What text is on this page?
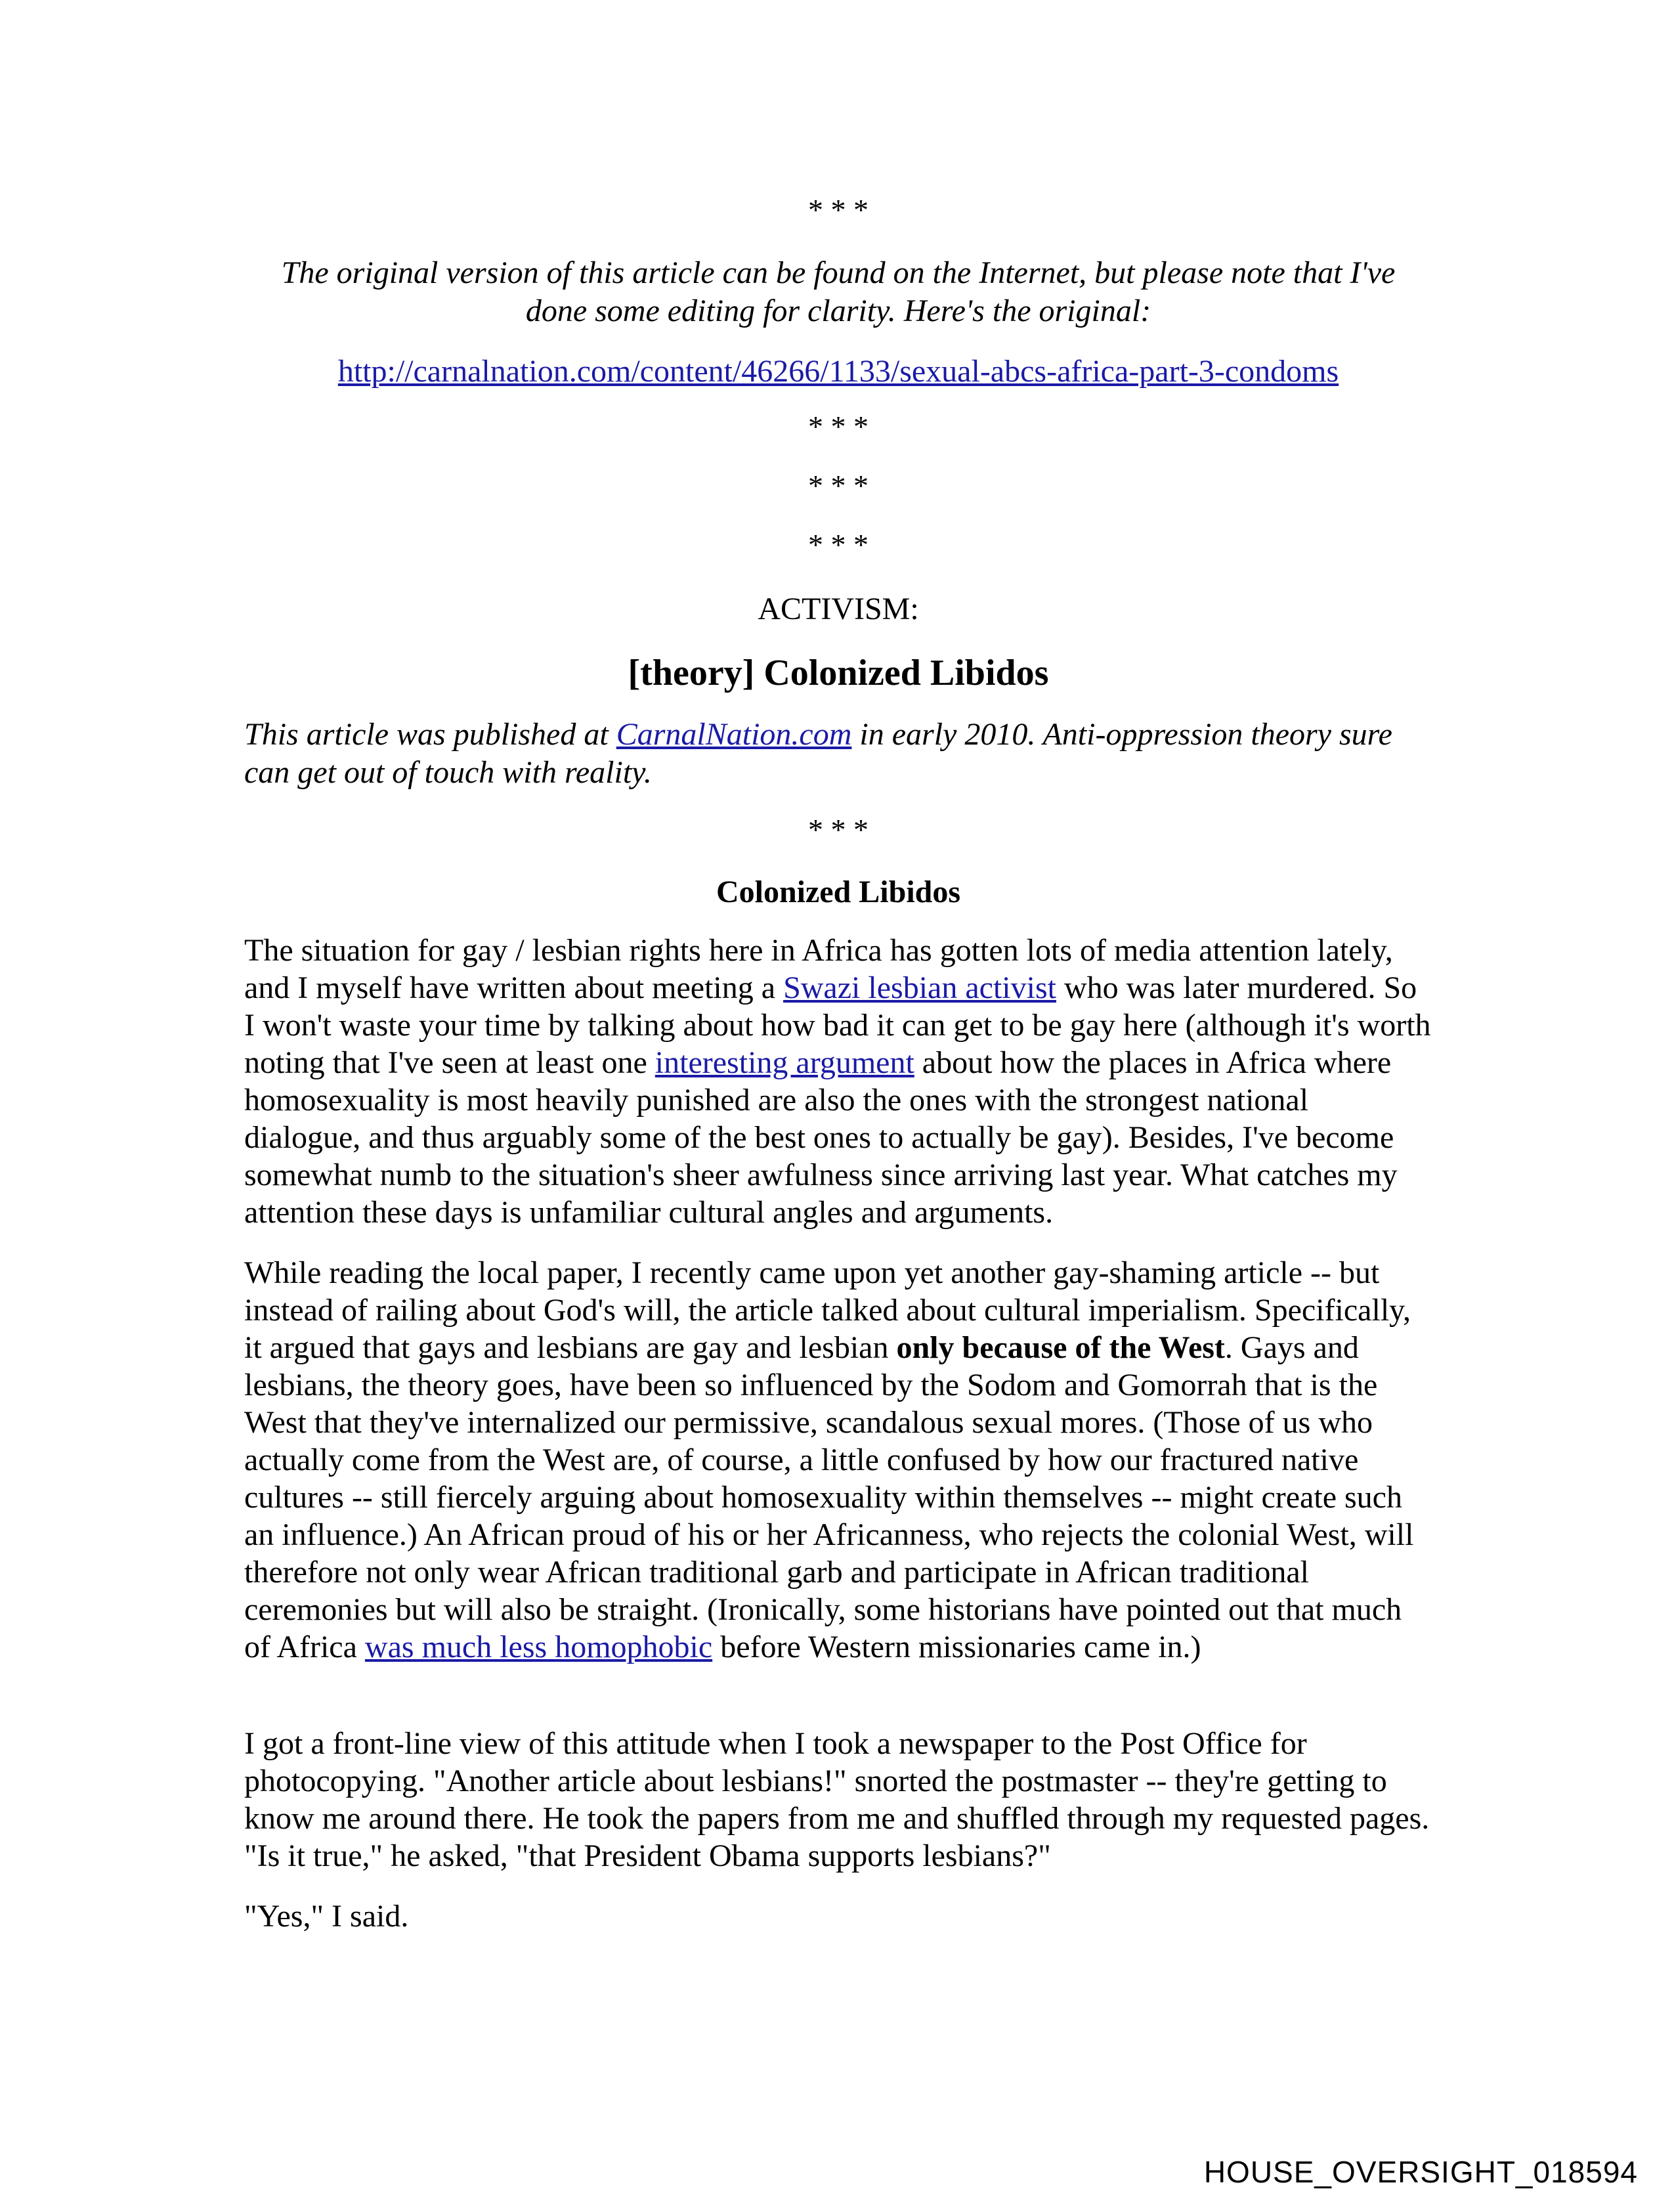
* * *

The original version of this article can be found on the Internet, but please note that I've done some editing for clarity. Here's the original:

http://carnalnation.com/content/46266/1133/sexual-abcs-africa-part-3-condoms

* * *

* * *

* * *

ACTIVISM:

[theory] Colonized Libidos

This article was published at CarnalNation.com in early 2010. Anti-oppression theory sure can get out of touch with reality.

* * *

Colonized Libidos

The situation for gay / lesbian rights here in Africa has gotten lots of media attention lately, and I myself have written about meeting a Swazi lesbian activist who was later murdered. So I won't waste your time by talking about how bad it can get to be gay here (although it's worth noting that I've seen at least one interesting argument about how the places in Africa where homosexuality is most heavily punished are also the ones with the strongest national dialogue, and thus arguably some of the best ones to actually be gay). Besides, I've become somewhat numb to the situation's sheer awfulness since arriving last year. What catches my attention these days is unfamiliar cultural angles and arguments.

While reading the local paper, I recently came upon yet another gay-shaming article -- but instead of railing about God's will, the article talked about cultural imperialism. Specifically, it argued that gays and lesbians are gay and lesbian only because of the West. Gays and lesbians, the theory goes, have been so influenced by the Sodom and Gomorrah that is the West that they've internalized our permissive, scandalous sexual mores. (Those of us who actually come from the West are, of course, a little confused by how our fractured native cultures -- still fiercely arguing about homosexuality within themselves -- might create such an influence.) An African proud of his or her Africanness, who rejects the colonial West, will therefore not only wear African traditional garb and participate in African traditional ceremonies but will also be straight. (Ironically, some historians have pointed out that much of Africa was much less homophobic before Western missionaries came in.)

I got a front-line view of this attitude when I took a newspaper to the Post Office for photocopying. "Another article about lesbians!" snorted the postmaster -- they're getting to know me around there. He took the papers from me and shuffled through my requested pages. "Is it true," he asked, "that President Obama supports lesbians?"

"Yes," I said.

HOUSE_OVERSIGHT_018594
